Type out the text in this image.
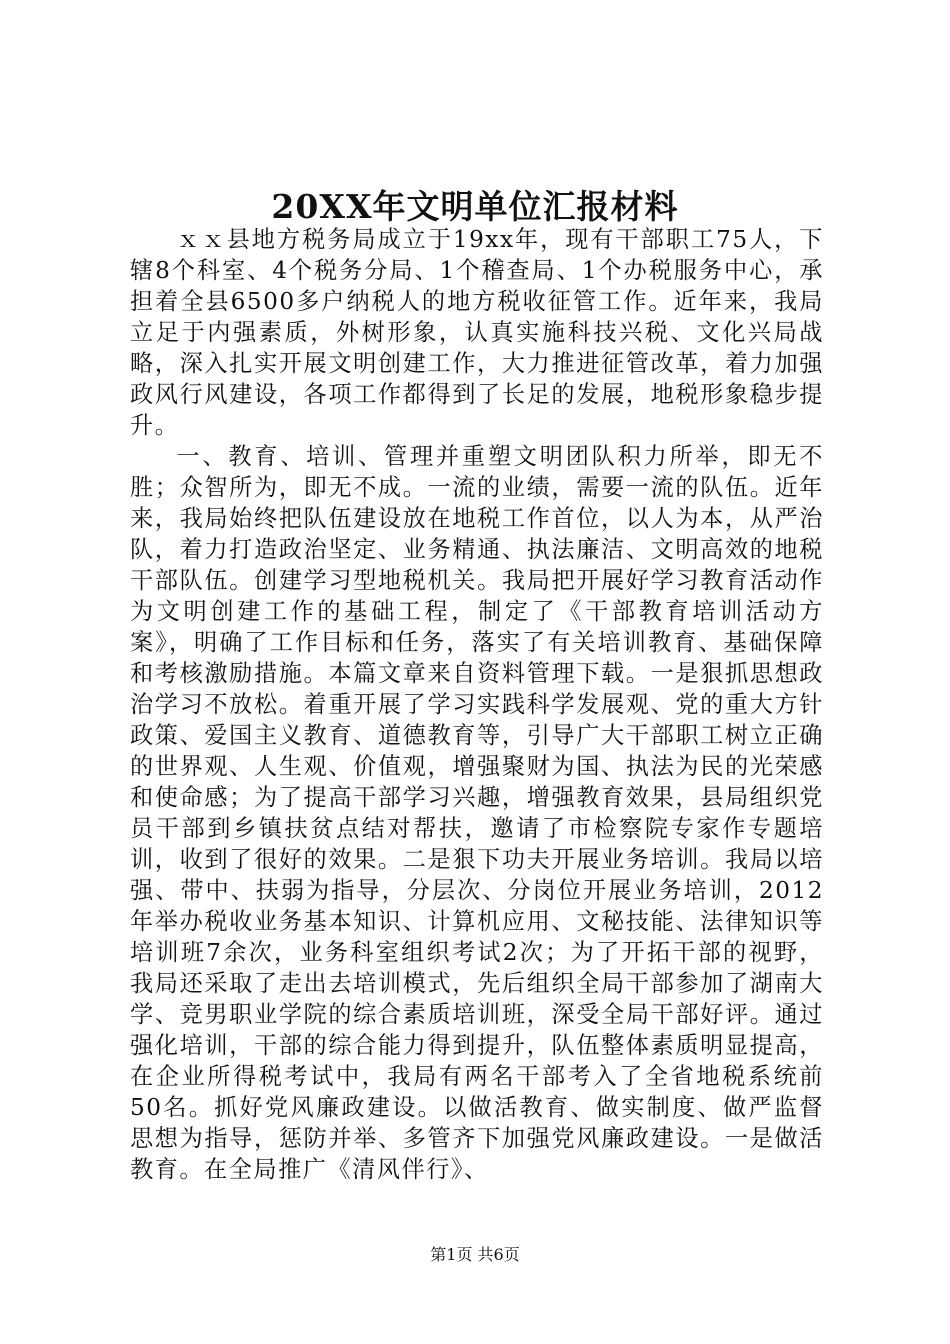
20XX年文明单位汇报材料

ｘｘ县地方税务局成立于19xx年，现有干部职工75人，下辖8个科室、4个税务分局、1个稽查局、1个办税服务中心，承担着全县6500多户纳税人的地方税收征管工作。近年来，我局立足于内强素质，外树形象，认真实施科技兴税、文化兴局战略，深入扎实开展文明创建工作，大力推进征管改革，着力加强政风行风建设，各项工作都得到了长足的发展，地税形象稳步提升。

一、教育、培训、管理并重塑文明团队积力所举，即无不胜；众智所为，即无不成。一流的业绩，需要一流的队伍。近年来，我局始终把队伍建设放在地税工作首位，以人为本，从严治队，着力打造政治坚定、业务精通、执法廉洁、文明高效的地税干部队伍。创建学习型地税机关。我局把开展好学习教育活动作为文明创建工作的基础工程，制定了《干部教育培训活动方案》，明确了工作目标和任务，落实了有关培训教育、基础保障和考核激励措施。本篇文章来自资料管理下载。一是狠抓思想政治学习不放松。着重开展了学习实践科学发展观、党的重大方针政策、爱国主义教育、道德教育等，引导广大干部职工树立正确的世界观、人生观、价值观，增强聚财为国、执法为民的光荣感和使命感；为了提高干部学习兴趣，增强教育效果，县局组织党员干部到乡镇扶贫点结对帮扶，邀请了市检察院专家作专题培训，收到了很好的效果。二是狠下功夫开展业务培训。我局以培强、带中、扶弱为指导，分层次、分岗位开展业务培训，2012年举办税收业务基本知识、计算机应用、文秘技能、法律知识等培训班7余次，业务科室组织考试2次；为了开拓干部的视野，我局还采取了走出去培训模式，先后组织全局干部参加了湖南大学、竞男职业学院的综合素质培训班，深受全局干部好评。通过强化培训，干部的综合能力得到提升，队伍整体素质明显提高，在企业所得税考试中，我局有两名干部考入了全省地税系统前50名。抓好党风廉政建设。以做活教育、做实制度、做严监督思想为指导，惩防并举、多管齐下加强党风廉政建设。一是做活教育。在全局推广《清风伴行》、

第1页 共6页
